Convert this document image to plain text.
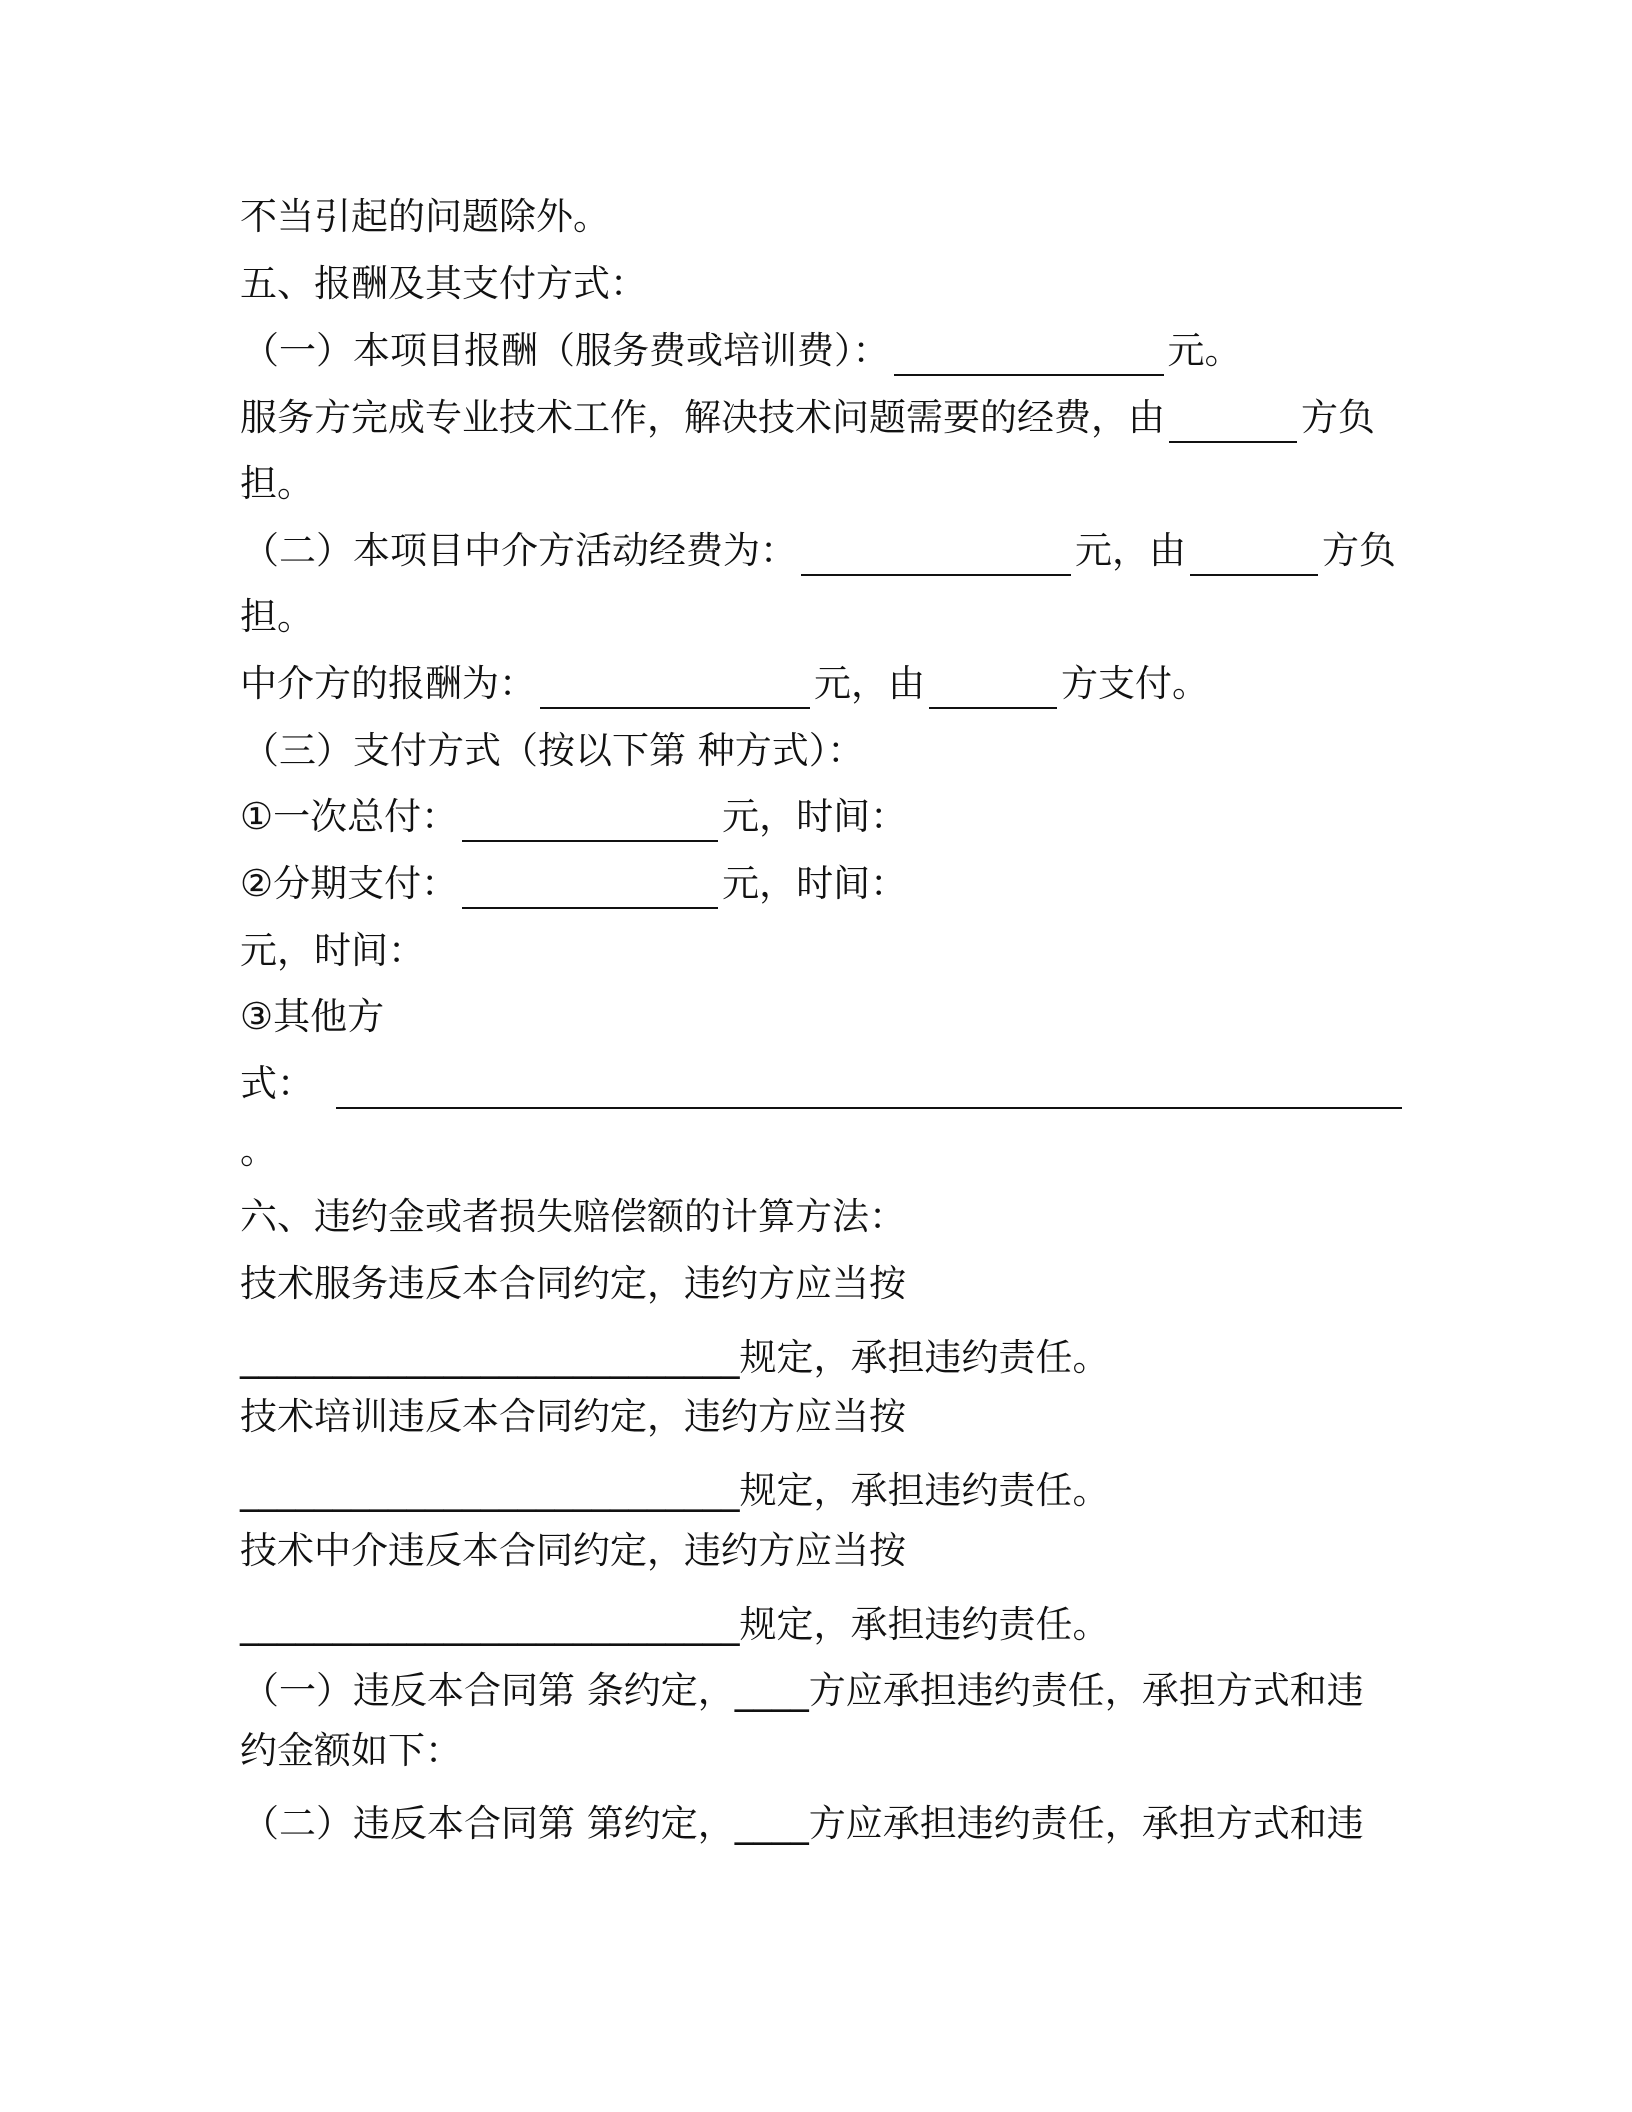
不当引起的问题除外。
五、报酬及其支付方式：
（一）本项目报酬（服务费或培训费）：	元。
服务方完成专业技术工作，解决技术问题需要的经费，由	方负
担。
（二）本项目中介方活动经费为：	元，由	方负
担。
中介方的报酬为：	元，由	方支付。
（三）支付方式（按以下第 种方式）：
①一次总付：	元，时间：
②分期支付：	元，时间：
元，时间：
③其他方
式：
。
六、违约金或者损失赔偿额的计算方法：
技术服务违反本合同约定，违约方应当按
___________________________规定，承担违约责任。
技术培训违反本合同约定，违约方应当按
___________________________规定，承担违约责任。
技术中介违反本合同约定，违约方应当按
___________________________规定，承担违约责任。
（一）违反本合同第 条约定，____方应承担违约责任，承担方式和违
约金额如下：
（二）违反本合同第 第约定，____方应承担违约责任，承担方式和违
